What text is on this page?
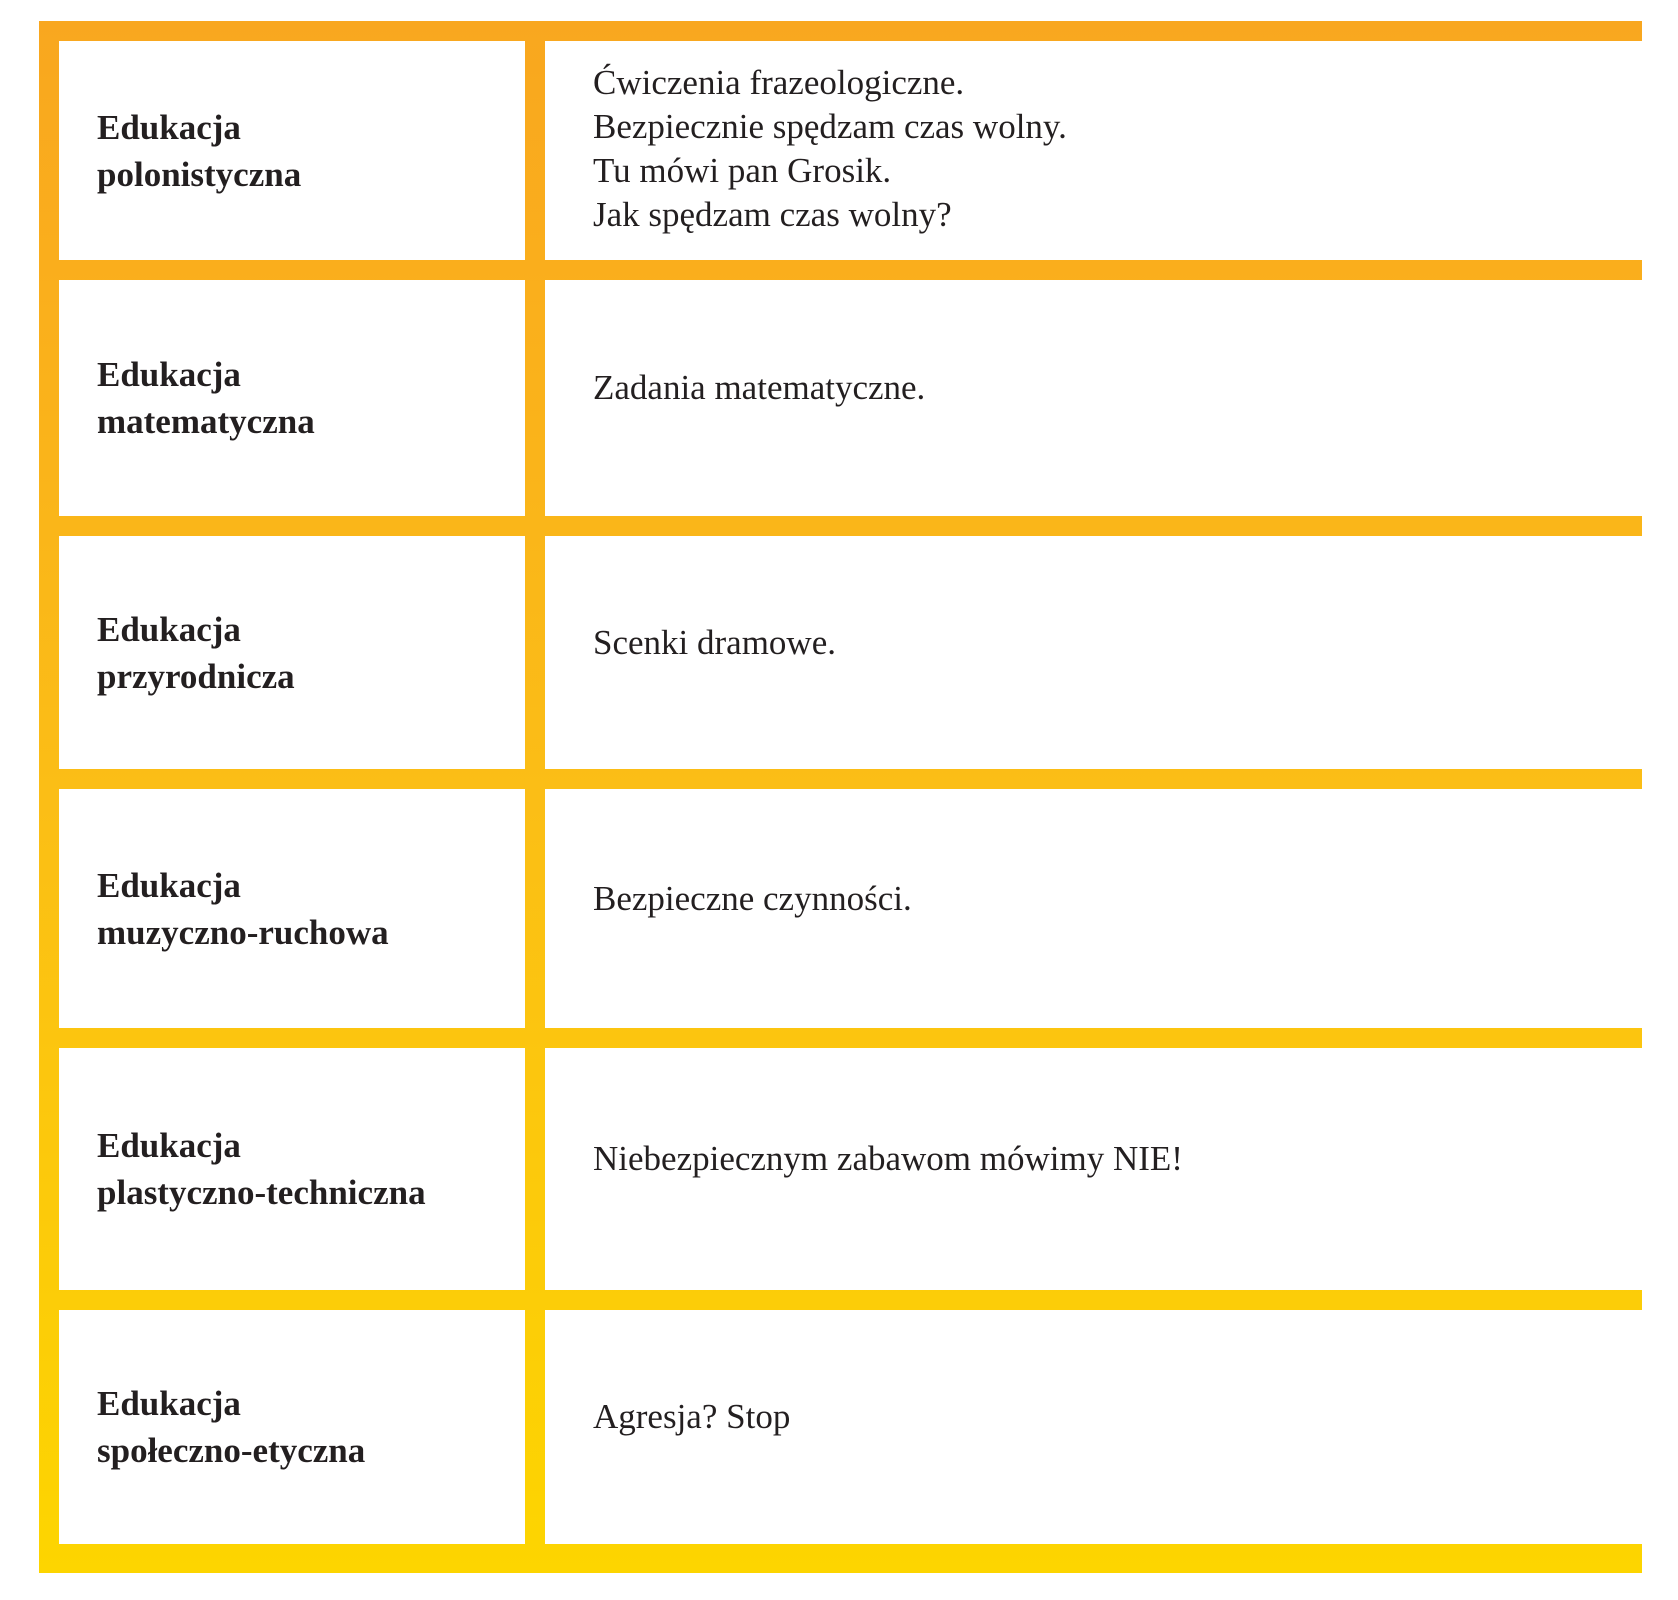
Edukacja
polonistyczna
Ćwiczenia frazeologiczne.
Bezpiecznie spędzam czas wolny.
Tu mówi pan Grosik.
Jak spędzam czas wolny?
Edukacja
matematyczna
Zadania matematyczne.
Edukacja
przyrodnicza
Scenki dramowe.
Edukacja
muzyczno-ruchowa
Bezpieczne czynności.
Edukacja
plastyczno-techniczna
Niebezpiecznym zabawom mówimy NIE!
Edukacja
społeczno-etyczna
Agresja? Stop
